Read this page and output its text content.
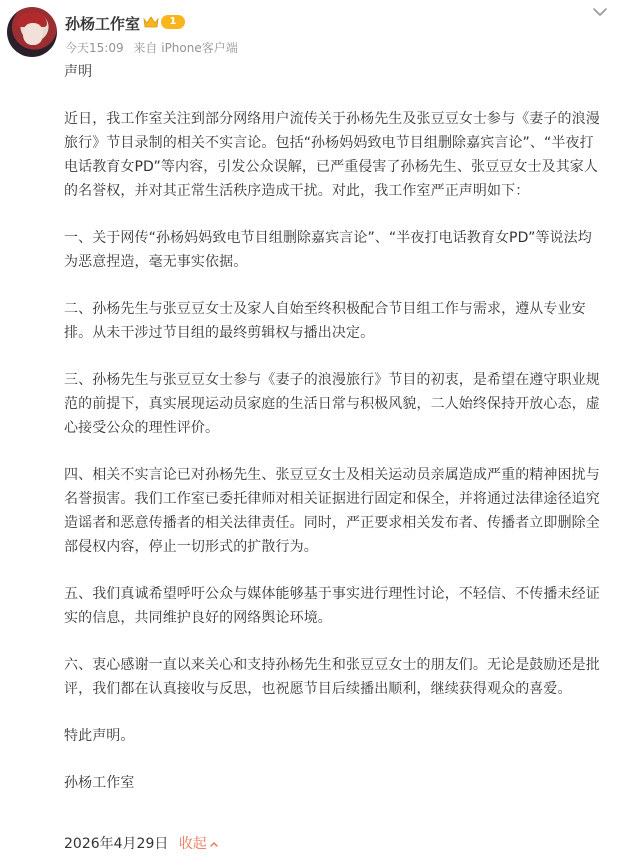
孙杨工作室	1
今天15:09 来自 iPhone客户端

声明

近日，我工作室关注到部分网络用户流传关于孙杨先生及张豆豆女士参与《妻子的浪漫旅行》节目录制的相关不实言论。包括“孙杨妈妈致电节目组删除嘉宾言论”、“半夜打电话教育女PD”等内容，引发公众误解，已严重侵害了孙杨先生、张豆豆女士及其家人的名誉权，并对其正常生活秩序造成干扰。对此，我工作室严正声明如下：

一、关于网传“孙杨妈妈致电节目组删除嘉宾言论”、“半夜打电话教育女PD”等说法均为恶意捏造，毫无事实依据。

二、孙杨先生与张豆豆女士及家人自始至终积极配合节目组工作与需求，遵从专业安排。从未干涉过节目组的最终剪辑权与播出决定。

三、孙杨先生与张豆豆女士参与《妻子的浪漫旅行》节目的初衷，是希望在遵守职业规范的前提下，真实展现运动员家庭的生活日常与积极风貌，二人始终保持开放心态，虚心接受公众的理性评价。

四、相关不实言论已对孙杨先生、张豆豆女士及相关运动员亲属造成严重的精神困扰与名誉损害。我们工作室已委托律师对相关证据进行固定和保全，并将通过法律途径追究造谣者和恶意传播者的相关法律责任。同时，严正要求相关发布者、传播者立即删除全部侵权内容，停止一切形式的扩散行为。

五、我们真诚希望呼吁公众与媒体能够基于事实进行理性讨论，不轻信、不传播未经证实的信息，共同维护良好的网络舆论环境。

六、衷心感谢一直以来关心和支持孙杨先生和张豆豆女士的朋友们。无论是鼓励还是批评，我们都在认真接收与反思，也祝愿节目后续播出顺利，继续获得观众的喜爱。

特此声明。

孙杨工作室

2026年4月29日 收起
